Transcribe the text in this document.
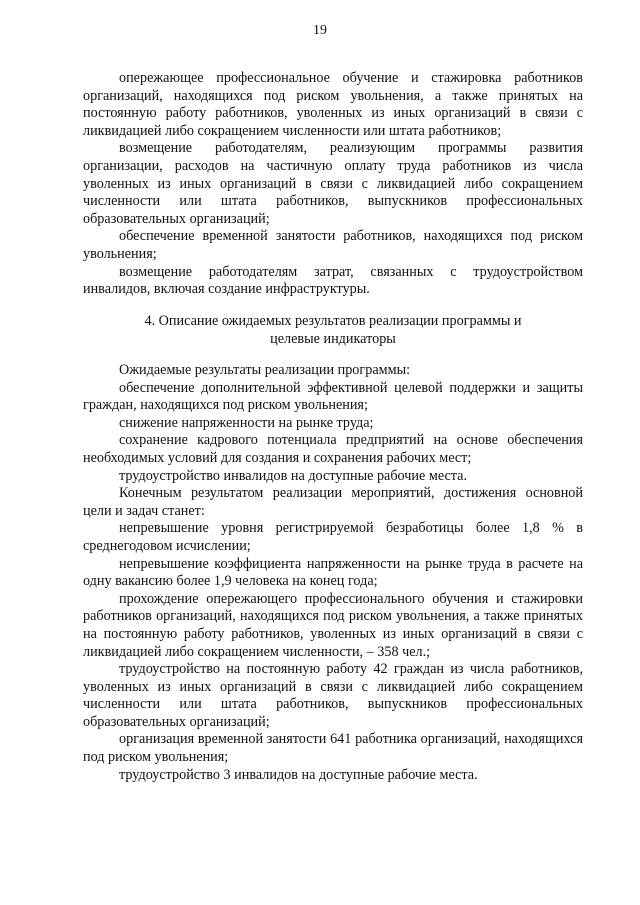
19

опережающее профессиональное обучение и стажировка работников организаций, находящихся под риском увольнения, а также принятых на постоянную работу работников, уволенных из иных организаций в связи с ликвидацией либо сокращением численности или штата работников;

возмещение работодателям, реализующим программы развития организации, расходов на частичную оплату труда работников из числа уволенных из иных организаций в связи с ликвидацией либо сокращением численности или штата работников, выпускников профессиональных образовательных организаций;

обеспечение временной занятости работников, находящихся под риском увольнения;

возмещение работодателям затрат, связанных с трудоустройством инвалидов, включая создание инфраструктуры.

4. Описание ожидаемых результатов реализации программы и
целевые индикаторы

Ожидаемые результаты реализации программы:

обеспечение дополнительной эффективной целевой поддержки и защиты граждан, находящихся под риском увольнения;

снижение напряженности на рынке труда;

сохранение кадрового потенциала предприятий на основе обеспечения необходимых условий для создания и сохранения рабочих мест;

трудоустройство инвалидов на доступные рабочие места.

Конечным результатом реализации мероприятий, достижения основной цели и задач станет:

непревышение уровня регистрируемой безработицы более 1,8 % в среднегодовом исчислении;

непревышение коэффициента напряженности на рынке труда в расчете на одну вакансию более 1,9 человека на конец года;

прохождение опережающего профессионального обучения и стажировки работников организаций, находящихся под риском увольнения, а также принятых на постоянную работу работников, уволенных из иных организаций в связи с ликвидацией либо сокращением численности, – 358 чел.;

трудоустройство на постоянную работу 42 граждан из числа работников, уволенных из иных организаций в связи с ликвидацией либо сокращением численности или штата работников, выпускников профессиональных образовательных организаций;

организация временной занятости 641 работника организаций, находящихся под риском увольнения;

трудоустройство 3 инвалидов на доступные рабочие места.
